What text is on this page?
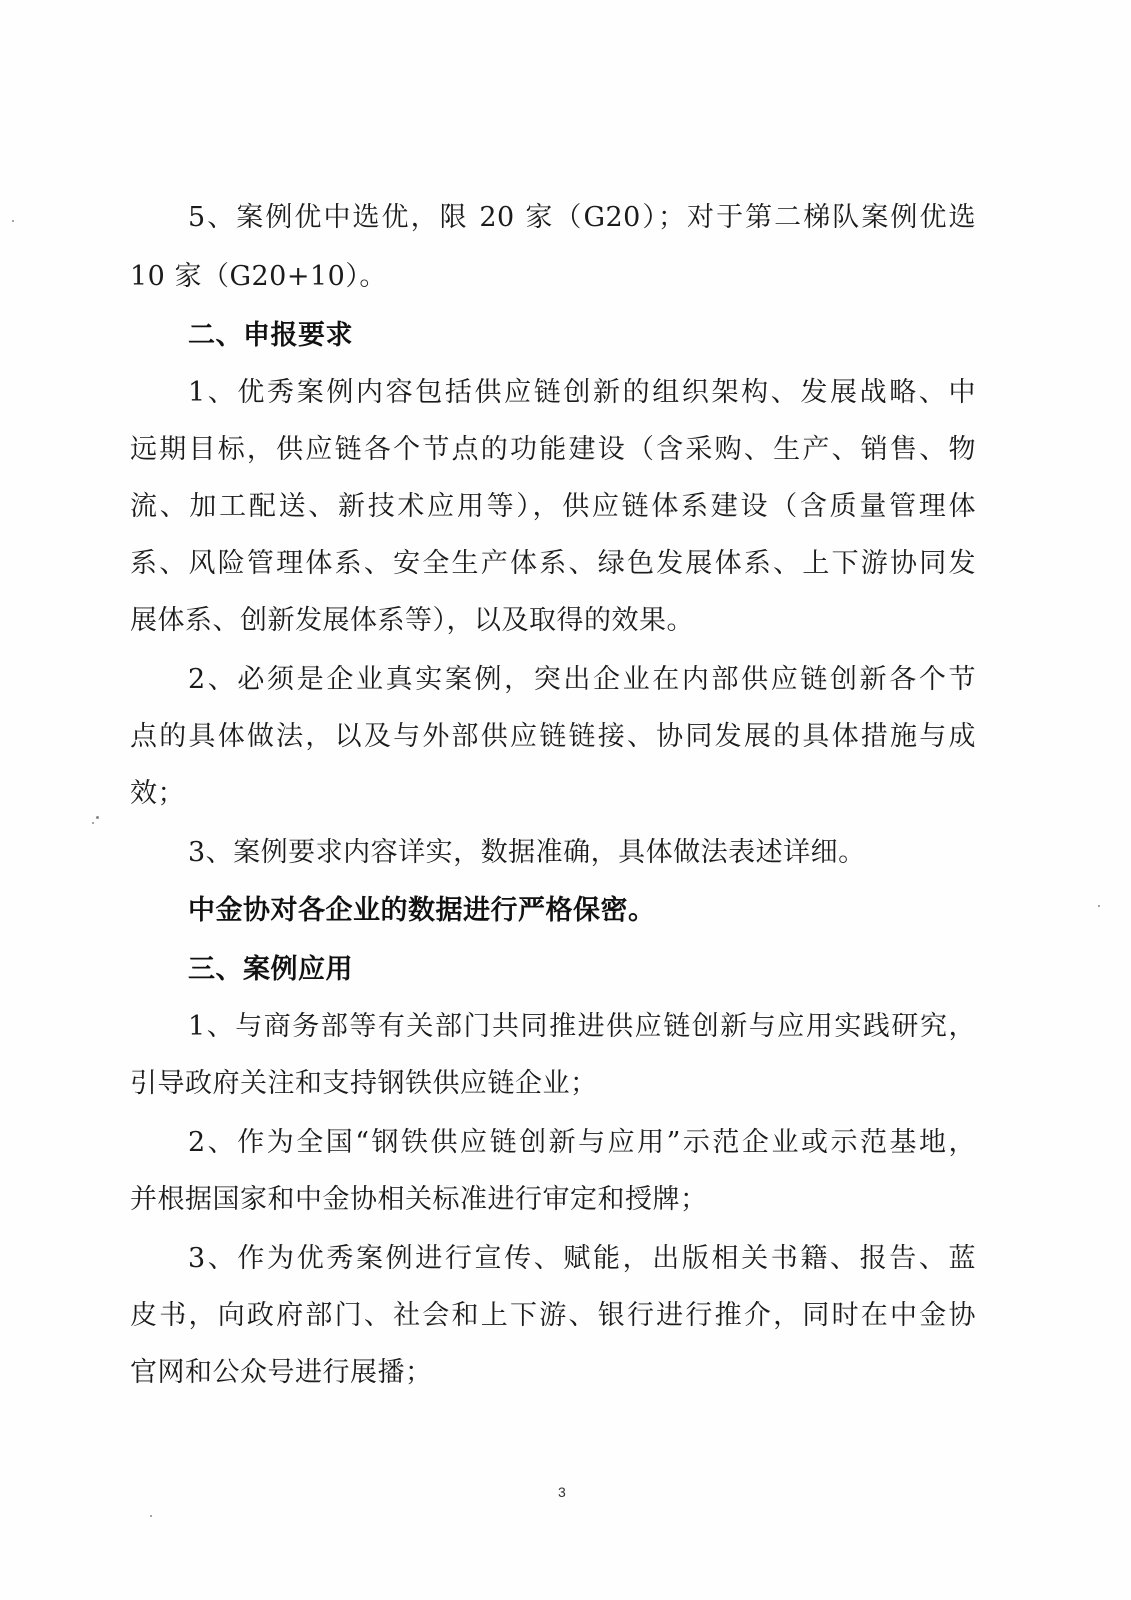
5、案例优中选优，限 20 家（G20）；对于第二梯队案例优选
10 家（G20+10）。
二、申报要求
1、优秀案例内容包括供应链创新的组织架构、发展战略、中
远期目标，供应链各个节点的功能建设（含采购、生产、销售、物
流、加工配送、新技术应用等），供应链体系建设（含质量管理体
系、风险管理体系、安全生产体系、绿色发展体系、上下游协同发
展体系、创新发展体系等），以及取得的效果。
2、必须是企业真实案例，突出企业在内部供应链创新各个节
点的具体做法，以及与外部供应链链接、协同发展的具体措施与成
效；
3、案例要求内容详实，数据准确，具体做法表述详细。
中金协对各企业的数据进行严格保密。
三、案例应用
1、与商务部等有关部门共同推进供应链创新与应用实践研究，
引导政府关注和支持钢铁供应链企业；
2、作为全国“钢铁供应链创新与应用”示范企业或示范基地，
并根据国家和中金协相关标准进行审定和授牌；
3、作为优秀案例进行宣传、赋能，出版相关书籍、报告、蓝
皮书，向政府部门、社会和上下游、银行进行推介，同时在中金协
官网和公众号进行展播；
3
